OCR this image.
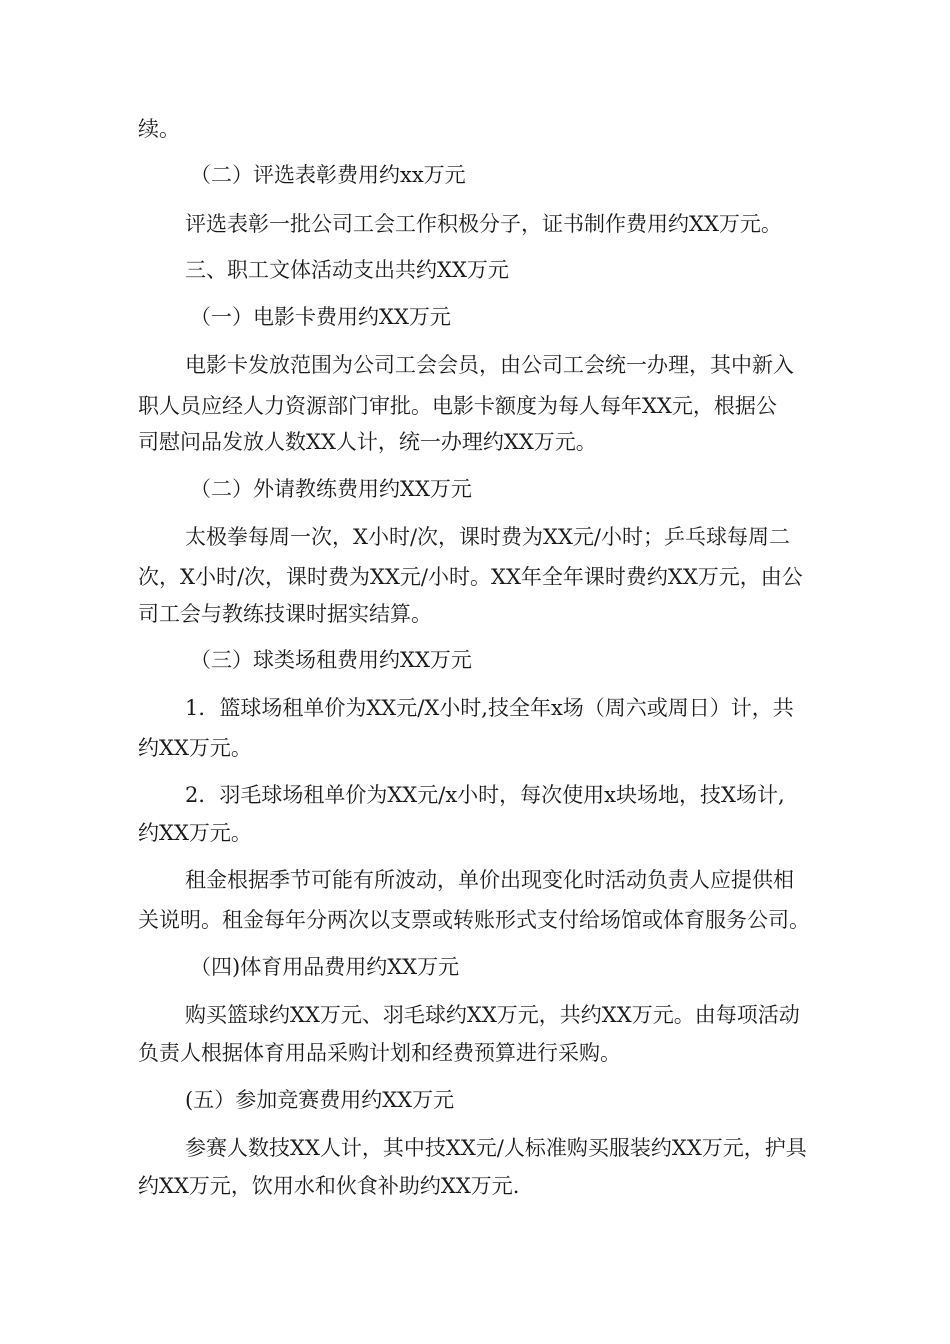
续。
（二）评选表彰费用约xx万元
评选表彰一批公司工会工作积极分子，证书制作费用约XX万元。
三、职工文体活动支出共约XX万元
（一）电影卡费用约XX万元
电影卡发放范围为公司工会会员，由公司工会统一办理，其中新入
职人员应经人力资源部门审批。电影卡额度为每人每年XX元，根据公
司慰问品发放人数XX人计，统一办理约XX万元。
（二）外请教练费用约XX万元
太极拳每周一次，X小时/次，课时费为XX元/小时；乒乓球每周二
次，X小时/次，课时费为XX元/小时。XX年全年课时费约XX万元，由公
司工会与教练技课时据实结算。
（三）球类场租费用约XX万元
1．篮球场租单价为XX元/X小时,技全年x场（周六或周日）计，共
约XX万元。
2．羽毛球场租单价为XX元/x小时，每次使用x块场地，技X场计,
约XX万元。
租金根据季节可能有所波动，单价出现变化时活动负责人应提供相
关说明。租金每年分两次以支票或转账形式支付给场馆或体育服务公司。
（四)体育用品费用约XX万元
购买篮球约XX万元、羽毛球约XX万元，共约XX万元。由每项活动
负责人根据体育用品采购计划和经费预算进行采购。
(五）参加竞赛费用约XX万元
参赛人数技XX人计，其中技XX元/人标准购买服装约XX万元，护具
约XX万元，饮用水和伙食补助约XX万元.
